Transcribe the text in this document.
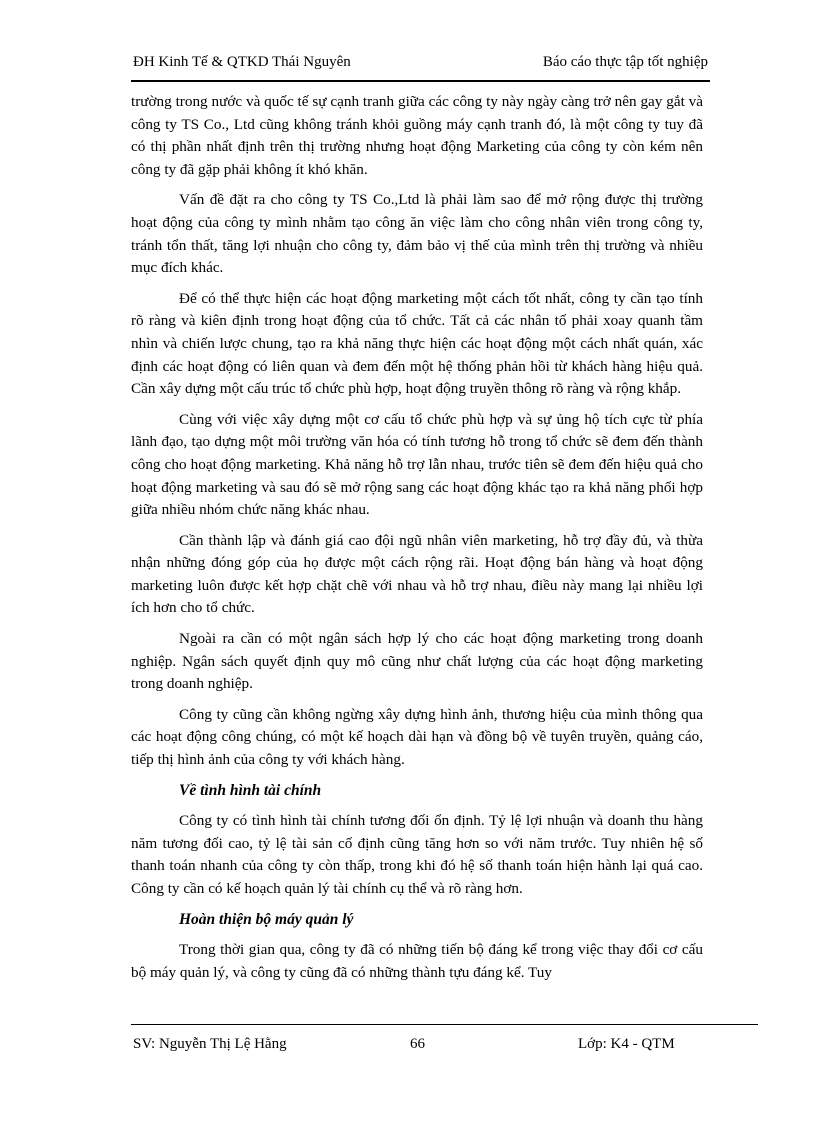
ĐH Kinh Tế & QTKD Thái Nguyên	Báo cáo thực tập tốt nghiệp

trường trong nước và quốc tế sự cạnh tranh giữa các công ty này ngày càng trở nên gay gắt và công ty TS Co., Ltd cũng không tránh khỏi guồng máy cạnh tranh đó, là một công ty tuy đã có thị phần nhất định trên thị trường nhưng hoạt động Marketing của công ty còn kém nên công ty đã gặp phải không ít khó khăn.

Vấn đề đặt ra cho công ty TS Co.,Ltd là phải làm sao để mở rộng được thị trường hoạt động của công ty mình nhằm tạo công ăn việc làm cho công nhân viên trong công ty, tránh tổn thất, tăng lợi nhuận cho công ty, đảm bảo vị thế của mình trên thị trường và nhiều mục đích khác.

Để có thể thực hiện các hoạt động marketing một cách tốt nhất, công ty cần tạo tính rõ ràng và kiên định trong hoạt động của tổ chức. Tất cả các nhân tố phải xoay quanh tầm nhìn và chiến lược chung, tạo ra khả năng thực hiện các hoạt động một cách nhất quán, xác định các hoạt động có liên quan và đem đến một hệ thống phản hồi từ khách hàng hiệu quả. Cần xây dựng một cấu trúc tổ chức phù hợp, hoạt động truyền thông rõ ràng và rộng khắp.

Cùng với việc xây dựng một cơ cấu tổ chức phù hợp và sự ủng hộ tích cực từ phía lãnh đạo, tạo dựng một môi trường văn hóa có tính tương hỗ trong tổ chức sẽ đem đến thành công cho hoạt động marketing. Khả năng hỗ trợ lẫn nhau, trước tiên sẽ đem đến hiệu quả cho hoạt động marketing và sau đó sẽ mở rộng sang các hoạt động khác tạo ra khả năng phối hợp giữa nhiều nhóm chức năng khác nhau.

Cần thành lập và đánh giá cao đội ngũ nhân viên marketing, hỗ trợ đầy đủ, và thừa nhận những đóng góp của họ được một cách rộng rãi. Hoạt động bán hàng và hoạt động marketing luôn được kết hợp chặt chẽ với nhau và hỗ trợ nhau, điều này mang lại nhiều lợi ích hơn cho tổ chức.

Ngoài ra cần có một ngân sách hợp lý cho các hoạt động marketing trong doanh nghiệp. Ngân sách quyết định quy mô cũng như chất lượng của các hoạt động marketing trong doanh nghiệp.

Công ty cũng cần không ngừng xây dựng hình ảnh, thương hiệu của mình thông qua các hoạt động công chúng, có một kế hoạch dài hạn và đồng bộ về tuyên truyền, quảng cáo, tiếp thị hình ảnh của công ty với khách hàng.

Về tình hình tài chính

Công ty có tình hình tài chính tương đối ổn định. Tỷ lệ lợi nhuận và doanh thu hàng năm tương đối cao, tỷ lệ tài sản cố định cũng tăng hơn so với năm trước. Tuy nhiên hệ số thanh toán nhanh của công ty còn thấp, trong khi đó hệ số thanh toán hiện hành lại quá cao. Công ty cần có kế hoạch quản lý tài chính cụ thể và rõ ràng hơn.

Hoàn thiện bộ máy quản lý

Trong thời gian qua, công ty đã có những tiến bộ đáng kể trong việc thay đổi cơ cấu bộ máy quản lý, và công ty cũng đã có những thành tựu đáng kể. Tuy

SV: Nguyễn Thị Lệ Hằng	66	Lớp: K4 - QTM
